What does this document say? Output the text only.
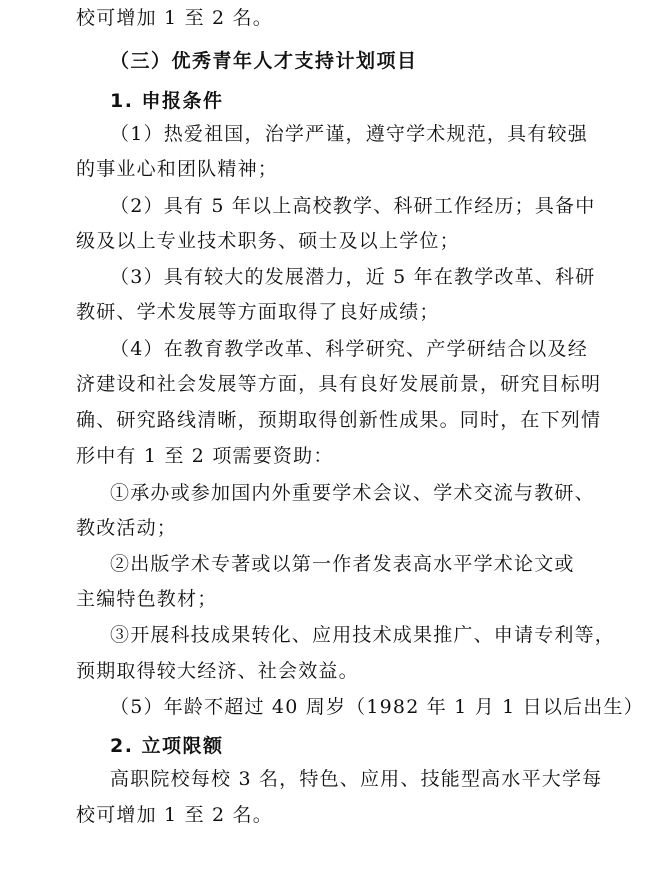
校可增加 1 至 2 名。
（三）优秀青年人才支持计划项目
1. 申报条件
（1）热爱祖国，治学严谨，遵守学术规范，具有较强
的事业心和团队精神；
（2）具有 5 年以上高校教学、科研工作经历；具备中
级及以上专业技术职务、硕士及以上学位；
（3）具有较大的发展潜力，近 5 年在教学改革、科研
教研、学术发展等方面取得了良好成绩；
（4）在教育教学改革、科学研究、产学研结合以及经
济建设和社会发展等方面，具有良好发展前景，研究目标明
确、研究路线清晰，预期取得创新性成果。同时，在下列情
形中有 1 至 2 项需要资助：
①承办或参加国内外重要学术会议、学术交流与教研、
教改活动；
②出版学术专著或以第一作者发表高水平学术论文或
主编特色教材；
③开展科技成果转化、应用技术成果推广、申请专利等，
预期取得较大经济、社会效益。
（5）年龄不超过 40 周岁（1982 年 1 月 1 日以后出生）
2. 立项限额
高职院校每校 3 名，特色、应用、技能型高水平大学每
校可增加 1 至 2 名。
